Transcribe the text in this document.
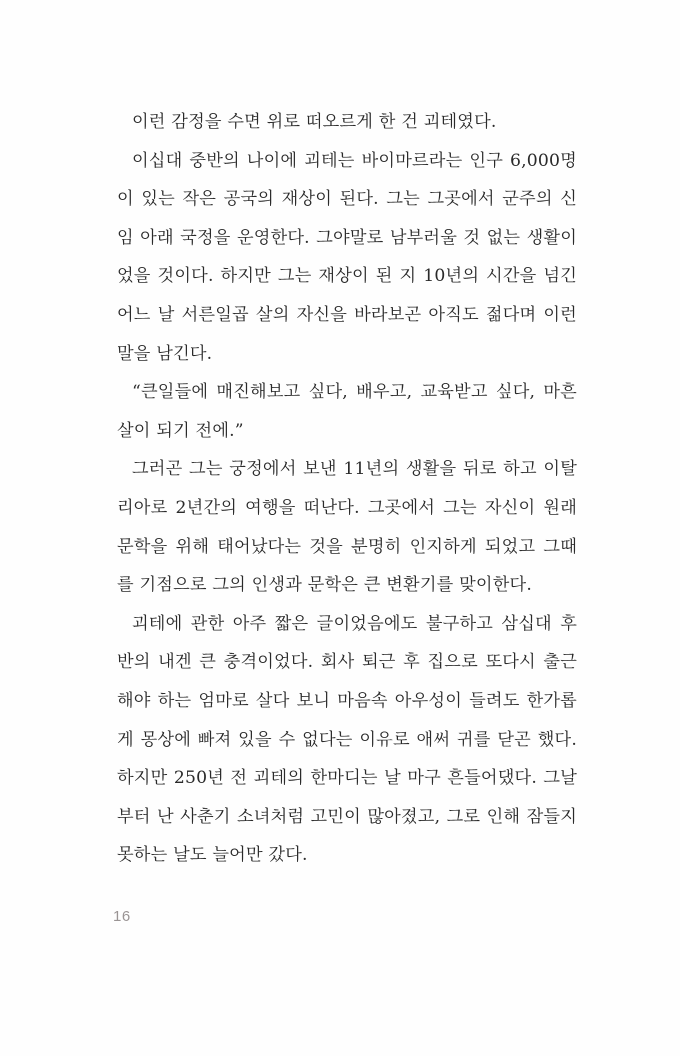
이런 감정을 수면 위로 떠오르게 한 건 괴테였다.
이십대 중반의 나이에 괴테는 바이마르라는 인구 6,000명
이 있는 작은 공국의 재상이 된다. 그는 그곳에서 군주의 신
임 아래 국정을 운영한다. 그야말로 남부러울 것 없는 생활이
었을 것이다. 하지만 그는 재상이 된 지 10년의 시간을 넘긴
어느 날 서른일곱 살의 자신을 바라보곤 아직도 젊다며 이런
말을 남긴다.
“큰일들에 매진해보고 싶다, 배우고, 교육받고 싶다, 마흔
살이 되기 전에.”
그러곤 그는 궁정에서 보낸 11년의 생활을 뒤로 하고 이탈
리아로 2년간의 여행을 떠난다. 그곳에서 그는 자신이 원래
문학을 위해 태어났다는 것을 분명히 인지하게 되었고 그때
를 기점으로 그의 인생과 문학은 큰 변환기를 맞이한다.
괴테에 관한 아주 짧은 글이었음에도 불구하고 삼십대 후
반의 내겐 큰 충격이었다. 회사 퇴근 후 집으로 또다시 출근
해야 하는 엄마로 살다 보니 마음속 아우성이 들려도 한가롭
게 몽상에 빠져 있을 수 없다는 이유로 애써 귀를 닫곤 했다.
하지만 250년 전 괴테의 한마디는 날 마구 흔들어댔다. 그날
부터 난 사춘기 소녀처럼 고민이 많아졌고, 그로 인해 잠들지
못하는 날도 늘어만 갔다.
16
